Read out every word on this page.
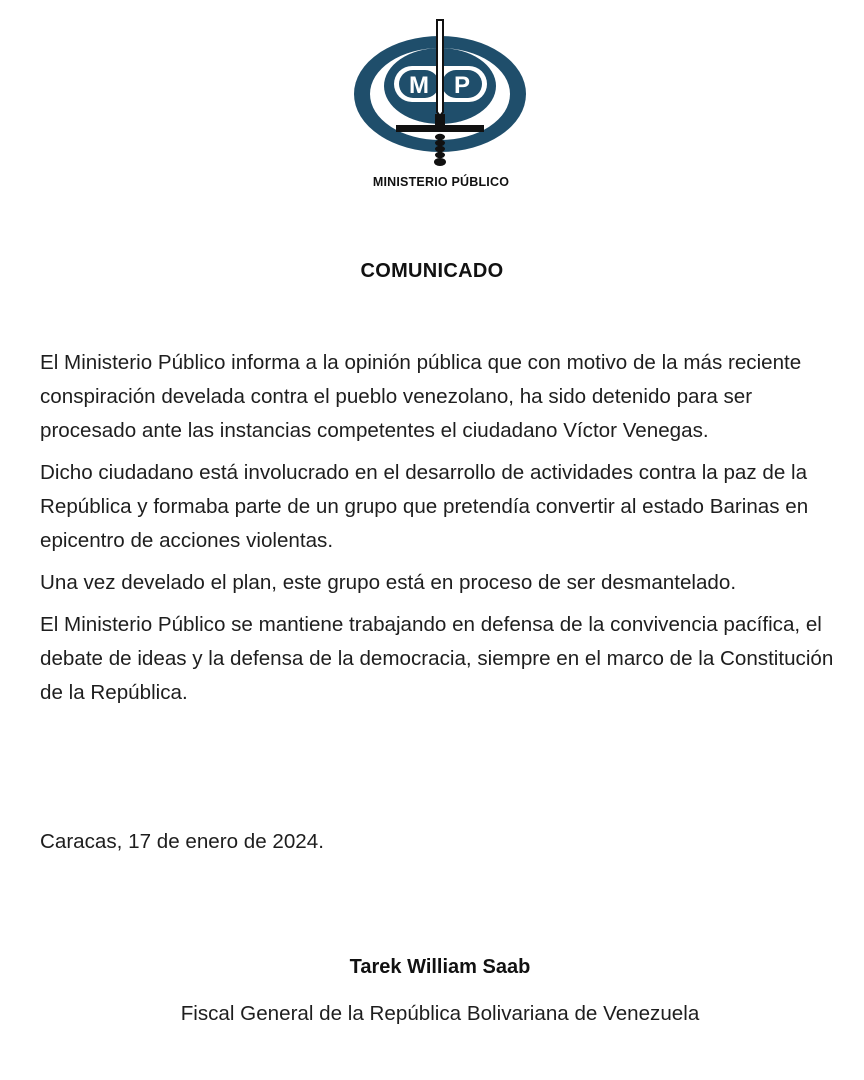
M P
MINISTERIO PÚBLICO
COMUNICADO

El Ministerio Público informa a la opinión pública que con motivo de la más reciente conspiración develada contra el pueblo venezolano, ha sido detenido para ser procesado ante las instancias competentes el ciudadano Víctor Venegas.

Dicho ciudadano está involucrado en el desarrollo de actividades contra la paz de la República y formaba parte de un grupo que pretendía convertir al estado Barinas en epicentro de acciones violentas.

Una vez develado el plan, este grupo está en proceso de ser desmantelado.

El Ministerio Público se mantiene trabajando en defensa de la convivencia pacífica, el debate de ideas y la defensa de la democracia, siempre en el marco de la Constitución de la República.

Caracas, 17 de enero de 2024.
Tarek William Saab
Fiscal General de la República Bolivariana de Venezuela
